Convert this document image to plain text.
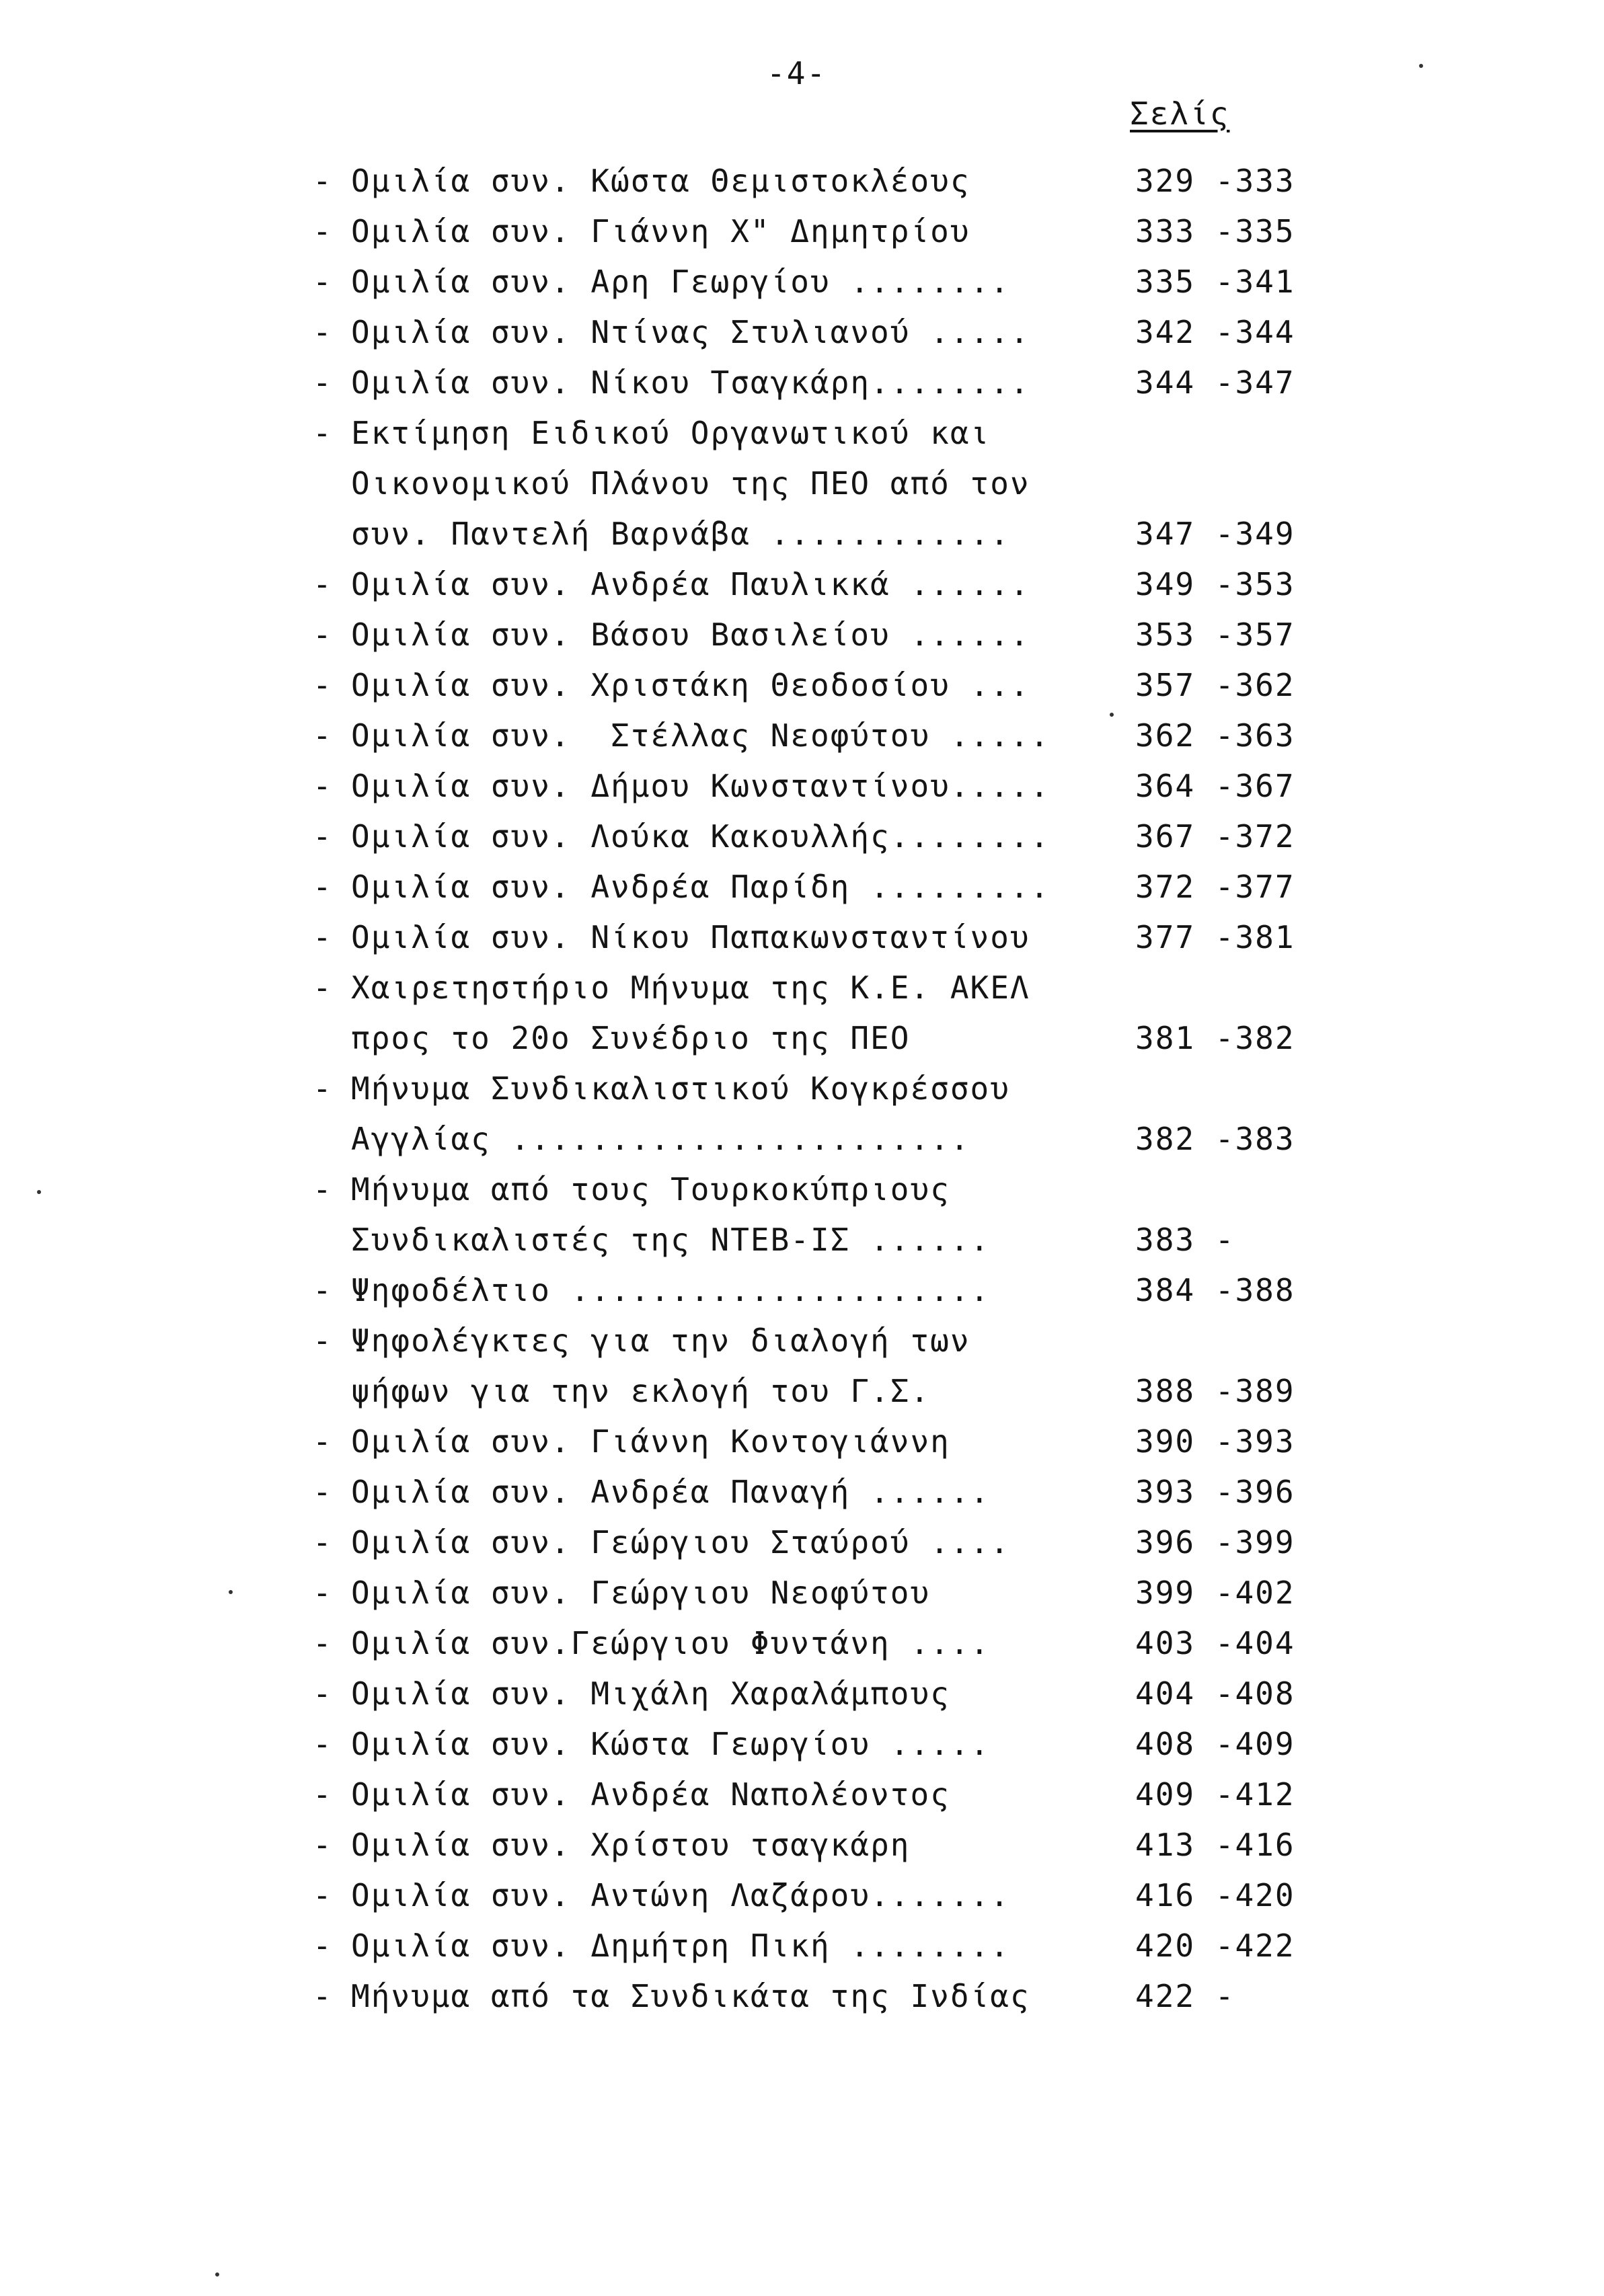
-4-
Σελίς
- Ομιλία συν. Κώστα Θεμιστοκλέους	329 -333
- Ομιλία συν. Γιάννη Χ" Δημητρίου	333 -335
- Ομιλία συν. Αρη Γεωργίου ........	335 -341
- Ομιλία συν. Ντίνας Στυλιανού .....	342 -344
- Ομιλία συν. Νίκου Τσαγκάρη........	344 -347
- Εκτίμηση Ειδικού Οργανωτικού και
Οικονομικού Πλάνου της ΠΕΟ από τον
συν. Παντελή Βαρνάβα ............	347 -349
- Ομιλία συν. Ανδρέα Παυλικκά ......	349 -353
- Ομιλία συν. Βάσου Βασιλείου ......	353 -357
- Ομιλία συν. Χριστάκη Θεοδοσίου ...	357 -362
- Ομιλία συν.  Στέλλας Νεοφύτου .....	362 -363
- Ομιλία συν. Δήμου Κωνσταντίνου.....	364 -367
- Ομιλία συν. Λούκα Κακουλλής........	367 -372
- Ομιλία συν. Ανδρέα Παρίδη .........	372 -377
- Ομιλία συν. Νίκου Παπακωνσταντίνου	377 -381
- Χαιρετηστήριο Μήνυμα της Κ.Ε. ΑΚΕΛ
προς το 20ο Συνέδριο της ΠΕΟ	381 -382
- Μήνυμα Συνδικαλιστικού Κογκρέσσου
Αγγλίας .......................	382 -383
- Μήνυμα από τους Τουρκοκύπριους
Συνδικαλιστές της ΝΤΕΒ-ΙΣ ......	383 -
- Ψηφοδέλτιο .....................	384 -388
- Ψηφολέγκτες για την διαλογή των
ψήφων για την εκλογή του Γ.Σ.	388 -389
- Ομιλία συν. Γιάννη Κοντογιάννη	390 -393
- Ομιλία συν. Ανδρέα Παναγή ......	393 -396
- Ομιλία συν. Γεώργιου Σταύρού ....	396 -399
- Ομιλία συν. Γεώργιου Νεοφύτου	399 -402
- Ομιλία συν.Γεώργιου Φυντάνη ....	403 -404
- Ομιλία συν. Μιχάλη Χαραλάμπους	404 -408
- Ομιλία συν. Κώστα Γεωργίου .....	408 -409
- Ομιλία συν. Ανδρέα Ναπολέοντος	409 -412
- Ομιλία συν. Χρίστου τσαγκάρη	413 -416
- Ομιλία συν. Αντώνη Λαζάρου.......	416 -420
- Ομιλία συν. Δημήτρη Πική ........	420 -422
- Μήνυμα από τα Συνδικάτα της Ινδίας	422 -
